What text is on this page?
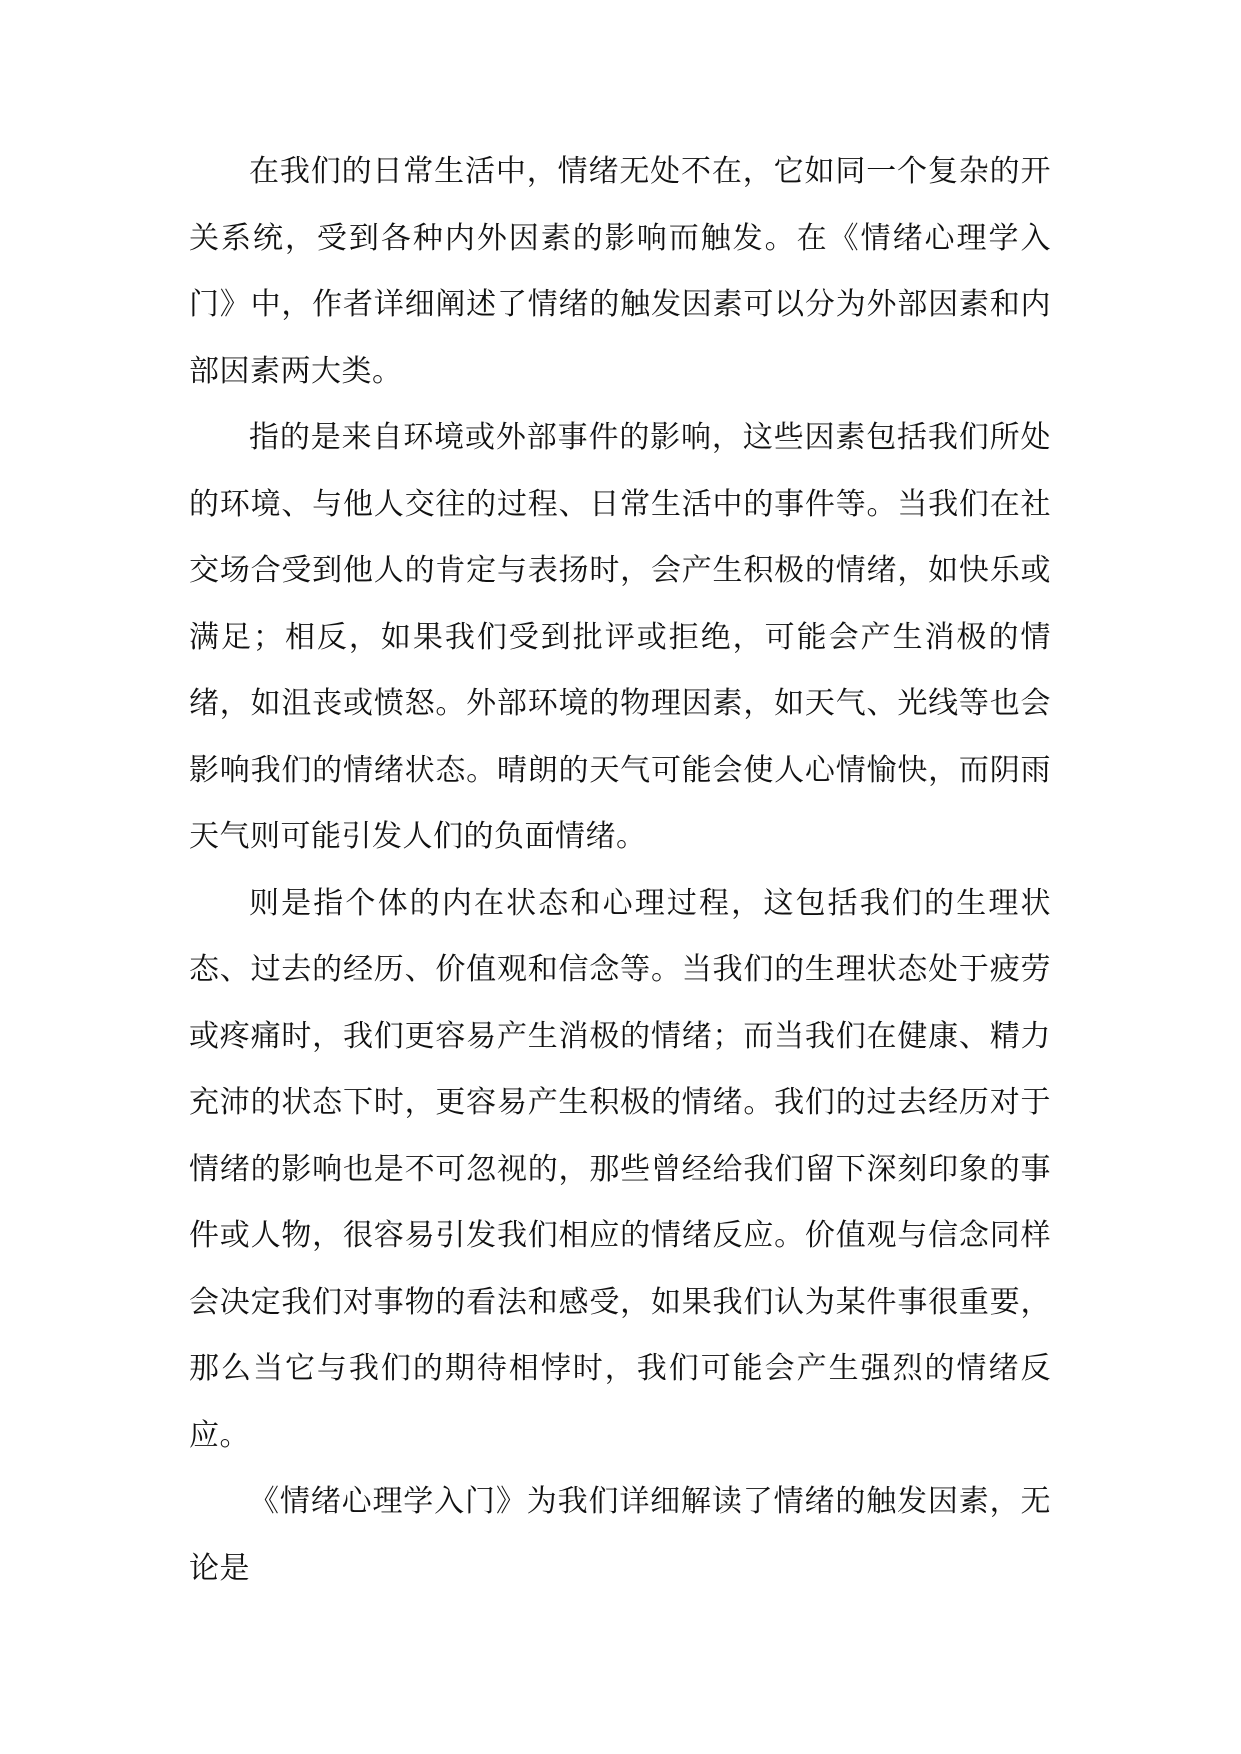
在我们的日常生活中，情绪无处不在，它如同一个复杂的开关系统，受到各种内外因素的影响而触发。在《情绪心理学入门》中，作者详细阐述了情绪的触发因素可以分为外部因素和内部因素两大类。

指的是来自环境或外部事件的影响，这些因素包括我们所处的环境、与他人交往的过程、日常生活中的事件等。当我们在社交场合受到他人的肯定与表扬时，会产生积极的情绪，如快乐或满足；相反，如果我们受到批评或拒绝，可能会产生消极的情绪，如沮丧或愤怒。外部环境的物理因素，如天气、光线等也会影响我们的情绪状态。晴朗的天气可能会使人心情愉快，而阴雨天气则可能引发人们的负面情绪。

则是指个体的内在状态和心理过程，这包括我们的生理状态、过去的经历、价值观和信念等。当我们的生理状态处于疲劳或疼痛时，我们更容易产生消极的情绪；而当我们在健康、精力充沛的状态下时，更容易产生积极的情绪。我们的过去经历对于情绪的影响也是不可忽视的，那些曾经给我们留下深刻印象的事件或人物，很容易引发我们相应的情绪反应。价值观与信念同样会决定我们对事物的看法和感受，如果我们认为某件事很重要，那么当它与我们的期待相悖时，我们可能会产生强烈的情绪反应。

《情绪心理学入门》为我们详细解读了情绪的触发因素，无论是
